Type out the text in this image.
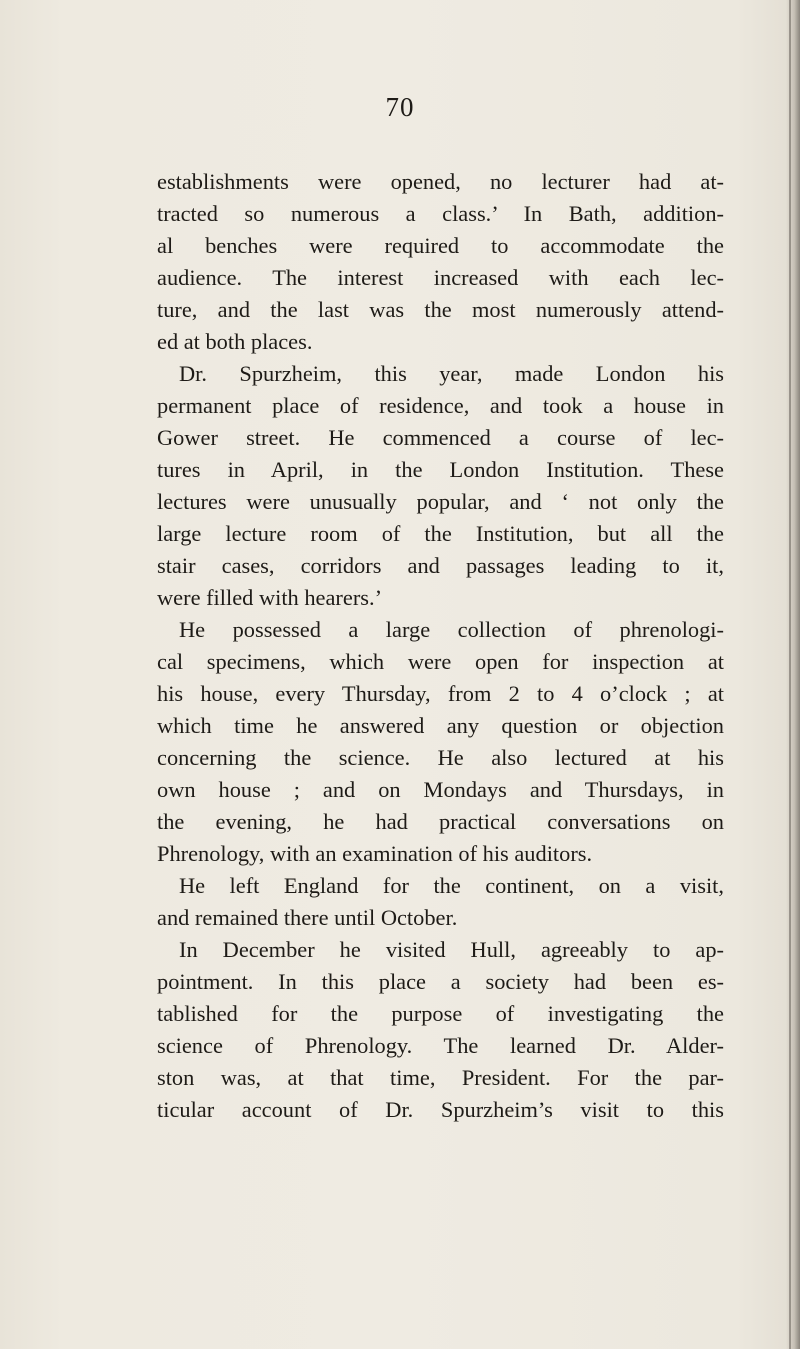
70
establishments were opened, no lecturer had at-
tracted so numerous a class.’ In Bath, addition-
al benches were required to accommodate the
audience. The interest increased with each lec-
ture, and the last was the most numerously attend-
ed at both places.
Dr. Spurzheim, this year, made London his
permanent place of residence, and took a house in
Gower street. He commenced a course of lec-
tures in April, in the London Institution. These
lectures were unusually popular, and ‘ not only the
large lecture room of the Institution, but all the
stair cases, corridors and passages leading to it,
were filled with hearers.’
He possessed a large collection of phrenologi-
cal specimens, which were open for inspection at
his house, every Thursday, from 2 to 4 o’clock ; at
which time he answered any question or objection
concerning the science. He also lectured at his
own house ; and on Mondays and Thursdays, in
the evening, he had practical conversations on
Phrenology, with an examination of his auditors.
He left England for the continent, on a visit,
and remained there until October.
In December he visited Hull, agreeably to ap-
pointment. In this place a society had been es-
tablished for the purpose of investigating the
science of Phrenology. The learned Dr. Alder-
ston was, at that time, President. For the par-
ticular account of Dr. Spurzheim’s visit to this
